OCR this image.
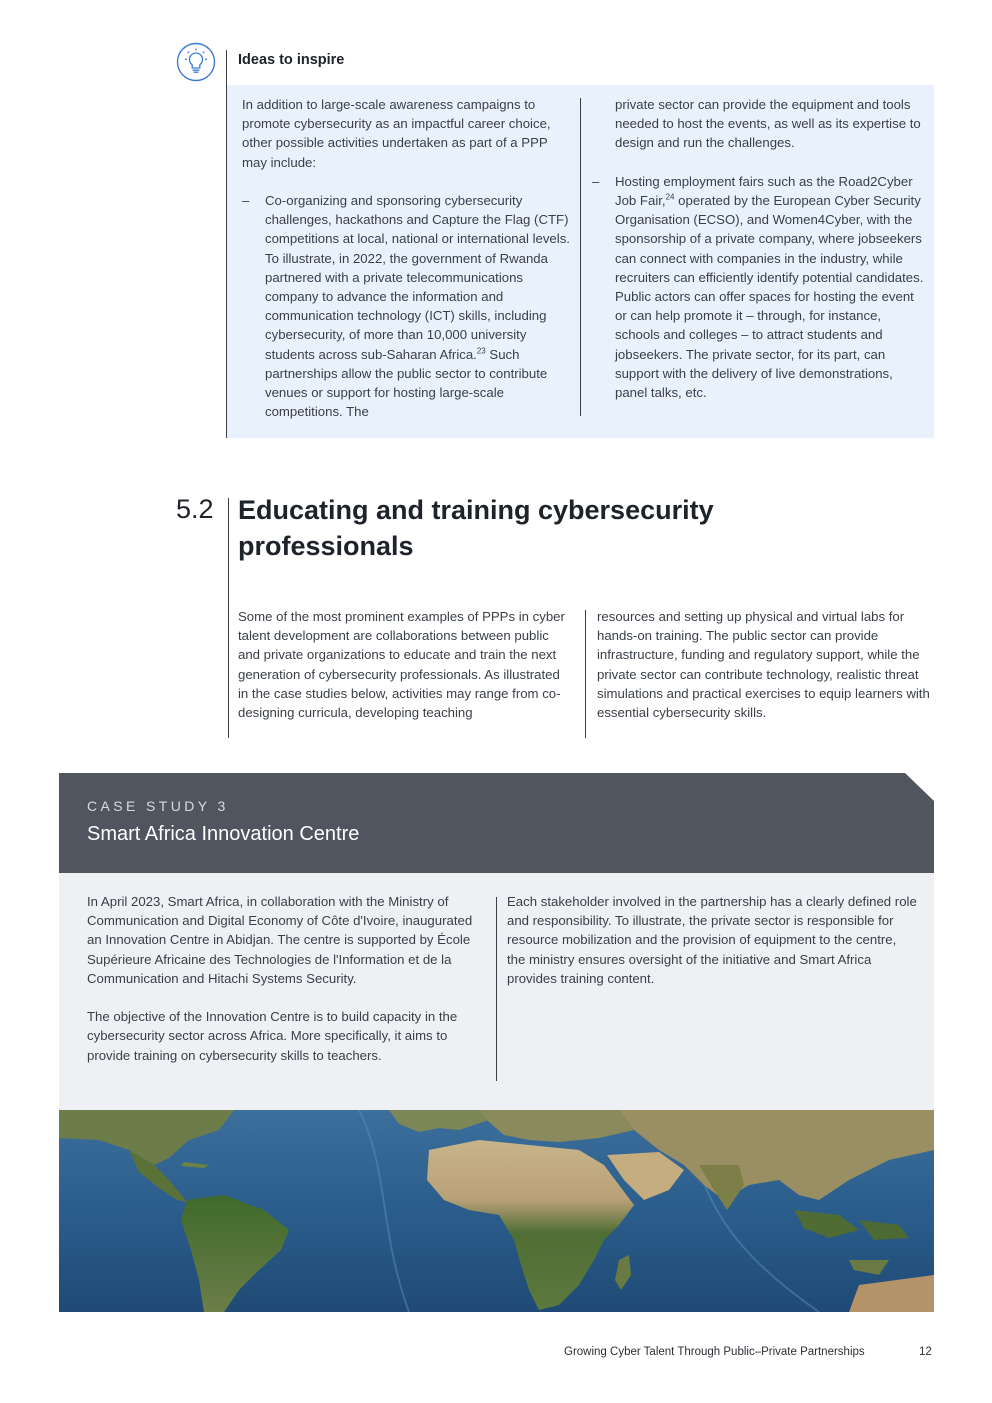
Ideas to inspire

In addition to large-scale awareness campaigns to promote cybersecurity as an impactful career choice, other possible activities undertaken as part of a PPP may include:

–	Co-organizing and sponsoring cybersecurity challenges, hackathons and Capture the Flag (CTF) competitions at local, national or international levels. To illustrate, in 2022, the government of Rwanda partnered with a private telecommunications company to advance the information and communication technology (ICT) skills, including cybersecurity, of more than 10,000 university students across sub-Saharan Africa.$^{23}$ Such partnerships allow the public sector to contribute venues or support for hosting large-scale competitions. The
private sector can provide the equipment and tools needed to host the events, as well as its expertise to design and run the challenges.

–	Hosting employment fairs such as the Road2Cyber Job Fair,$^{24}$ operated by the European Cyber Security Organisation (ECSO), and Women4Cyber, with the sponsorship of a private company, where jobseekers can connect with companies in the industry, while recruiters can efficiently identify potential candidates. Public actors can offer spaces for hosting the event or can help promote it – through, for instance, schools and colleges – to attract students and jobseekers. The private sector, for its part, can support with the delivery of live demonstrations, panel talks, etc.
5.2 Educating and training cybersecurity professionals
Some of the most prominent examples of PPPs in cyber talent development are collaborations between public and private organizations to educate and train the next generation of cybersecurity professionals. As illustrated in the case studies below, activities may range from co-designing curricula, developing teaching
resources and setting up physical and virtual labs for hands-on training. The public sector can provide infrastructure, funding and regulatory support, while the private sector can contribute technology, realistic threat simulations and practical exercises to equip learners with essential cybersecurity skills.
CASE STUDY 3
Smart Africa Innovation Centre

In April 2023, Smart Africa, in collaboration with the Ministry of Communication and Digital Economy of Côte d'Ivoire, inaugurated an Innovation Centre in Abidjan. The centre is supported by École Supérieure Africaine des Technologies de l'Information et de la Communication and Hitachi Systems Security.

The objective of the Innovation Centre is to build capacity in the cybersecurity sector across Africa. More specifically, it aims to provide training on cybersecurity skills to teachers.

Each stakeholder involved in the partnership has a clearly defined role and responsibility. To illustrate, the private sector is responsible for resource mobilization and the provision of equipment to the centre, the ministry ensures oversight of the initiative and Smart Africa provides training content.

Growing Cyber Talent Through Public–Private Partnerships	12
